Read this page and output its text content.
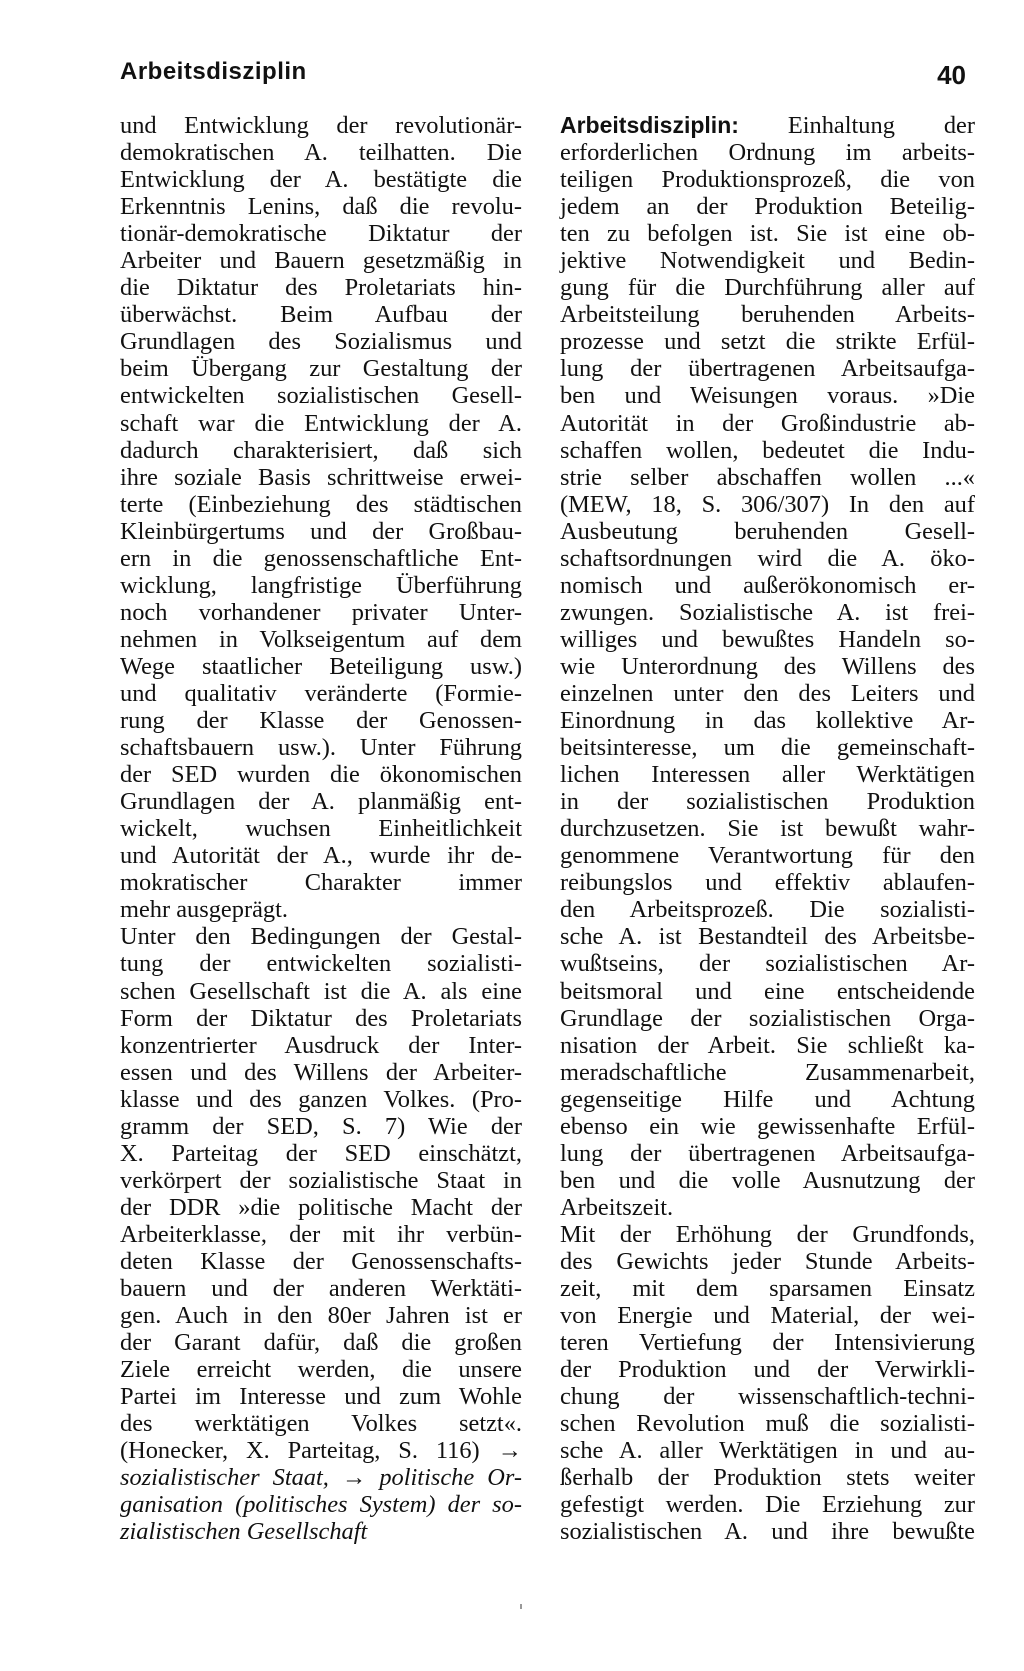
Arbeitsdisziplin	40
und Entwicklung der revolutionär-
demokratischen A. teilhatten. Die
Entwicklung der A. bestätigte die
Erkenntnis Lenins, daß die revolu-
tionär-demokratische Diktatur der
Arbeiter und Bauern gesetzmäßig in
die Diktatur des Proletariats hin-
überwächst. Beim Aufbau der
Grundlagen des Sozialismus und
beim Übergang zur Gestaltung der
entwickelten sozialistischen Gesell-
schaft war die Entwicklung der A.
dadurch charakterisiert, daß sich
ihre soziale Basis schrittweise erwei-
terte (Einbeziehung des städtischen
Kleinbürgertums und der Großbau-
ern in die genossenschaftliche Ent-
wicklung, langfristige Überführung
noch vorhandener privater Unter-
nehmen in Volkseigentum auf dem
Wege staatlicher Beteiligung usw.)
und qualitativ veränderte (Formie-
rung der Klasse der Genossen-
schaftsbauern usw.). Unter Führung
der SED wurden die ökonomischen
Grundlagen der A. planmäßig ent-
wickelt, wuchsen Einheitlichkeit
und Autorität der A., wurde ihr de-
mokratischer Charakter immer
mehr ausgeprägt.
Unter den Bedingungen der Gestal-
tung der entwickelten sozialisti-
schen Gesellschaft ist die A. als eine
Form der Diktatur des Proletariats
konzentrierter Ausdruck der Inter-
essen und des Willens der Arbeiter-
klasse und des ganzen Volkes. (Pro-
gramm der SED, S. 7) Wie der
X. Parteitag der SED einschätzt,
verkörpert der sozialistische Staat in
der DDR »die politische Macht der
Arbeiterklasse, der mit ihr verbün-
deten Klasse der Genossenschafts-
bauern und der anderen Werktäti-
gen. Auch in den 80er Jahren ist er
der Garant dafür, daß die großen
Ziele erreicht werden, die unsere
Partei im Interesse und zum Wohle
des werktätigen Volkes setzt«.
(Honecker, X. Parteitag, S. 116) →
sozialistischer Staat, → politische Or-
ganisation (politisches System) der so-
zialistischen Gesellschaft
Arbeitsdisziplin: Einhaltung der
erforderlichen Ordnung im arbeits-
teiligen Produktionsprozeß, die von
jedem an der Produktion Beteilig-
ten zu befolgen ist. Sie ist eine ob-
jektive Notwendigkeit und Bedin-
gung für die Durchführung aller auf
Arbeitsteilung beruhenden Arbeits-
prozesse und setzt die strikte Erfül-
lung der übertragenen Arbeitsaufga-
ben und Weisungen voraus. »Die
Autorität in der Großindustrie ab-
schaffen wollen, bedeutet die Indu-
strie selber abschaffen wollen ...«
(MEW, 18, S. 306/307) In den auf
Ausbeutung beruhenden Gesell-
schaftsordnungen wird die A. öko-
nomisch und außerökonomisch er-
zwungen. Sozialistische A. ist frei-
williges und bewußtes Handeln so-
wie Unterordnung des Willens des
einzelnen unter den des Leiters und
Einordnung in das kollektive Ar-
beitsinteresse, um die gemeinschaft-
lichen Interessen aller Werktätigen
in der sozialistischen Produktion
durchzusetzen. Sie ist bewußt wahr-
genommene Verantwortung für den
reibungslos und effektiv ablaufen-
den Arbeitsprozeß. Die sozialisti-
sche A. ist Bestandteil des Arbeitsbe-
wußtseins, der sozialistischen Ar-
beitsmoral und eine entscheidende
Grundlage der sozialistischen Orga-
nisation der Arbeit. Sie schließt ka-
meradschaftliche Zusammenarbeit,
gegenseitige Hilfe und Achtung
ebenso ein wie gewissenhafte Erfül-
lung der übertragenen Arbeitsaufga-
ben und die volle Ausnutzung der
Arbeitszeit.
Mit der Erhöhung der Grundfonds,
des Gewichts jeder Stunde Arbeits-
zeit, mit dem sparsamen Einsatz
von Energie und Material, der wei-
teren Vertiefung der Intensivierung
der Produktion und der Verwirkli-
chung der wissenschaftlich-techni-
schen Revolution muß die sozialisti-
sche A. aller Werktätigen in und au-
ßerhalb der Produktion stets weiter
gefestigt werden. Die Erziehung zur
sozialistischen A. und ihre bewußte
